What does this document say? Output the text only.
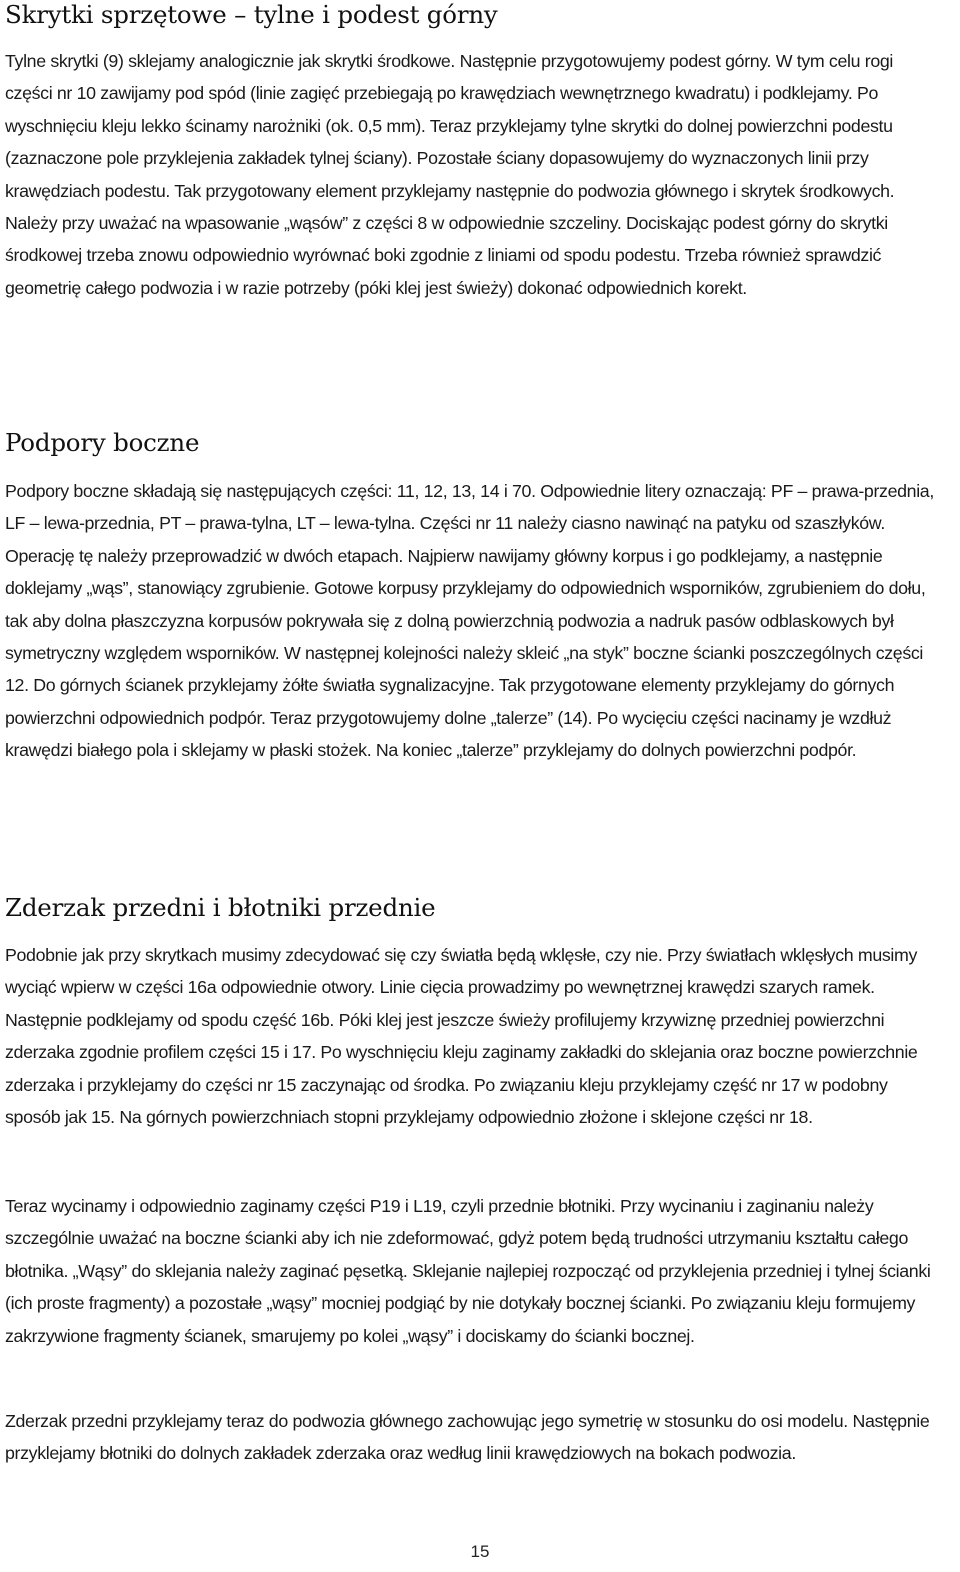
Skrytki sprzętowe – tylne i podest górny

Tylne skrytki (9) sklejamy analogicznie jak skrytki środkowe. Następnie przygotowujemy podest górny. W tym celu rogi części nr 10 zawijamy pod spód (linie zagięć przebiegają po krawędziach wewnętrznego kwadratu) i podklejamy. Po wyschnięciu kleju lekko ścinamy narożniki (ok. 0,5 mm). Teraz przyklejamy tylne skrytki do dolnej powierzchni podestu (zaznaczone pole przyklejenia zakładek tylnej ściany). Pozostałe ściany dopasowujemy do wyznaczonych linii przy krawędziach podestu. Tak przygotowany element przyklejamy następnie do podwozia głównego i skrytek środkowych. Należy przy uważać na wpasowanie „wąsów” z części 8 w odpowiednie szczeliny. Dociskając podest górny do skrytki środkowej trzeba znowu odpowiednio wyrównać boki zgodnie z liniami od spodu podestu. Trzeba również sprawdzić geometrię całego podwozia i w razie potrzeby (póki klej jest świeży) dokonać odpowiednich korekt.

Podpory boczne

Podpory boczne składają się następujących części: 11, 12, 13, 14 i 70. Odpowiednie litery oznaczają: PF – prawa-przednia, LF – lewa-przednia, PT – prawa-tylna, LT – lewa-tylna. Części nr 11 należy ciasno nawinąć na patyku od szaszłyków. Operację tę należy przeprowadzić w dwóch etapach. Najpierw nawijamy główny korpus i go podklejamy, a następnie doklejamy „wąs”, stanowiący zgrubienie. Gotowe korpusy przyklejamy do odpowiednich wsporników, zgrubieniem do dołu, tak aby dolna płaszczyzna korpusów pokrywała się z dolną powierzchnią podwozia a nadruk pasów odblaskowych był symetryczny względem wsporników. W następnej kolejności należy skleić „na styk” boczne ścianki poszczególnych części 12. Do górnych ścianek przyklejamy żółte światła sygnalizacyjne. Tak przygotowane elementy przyklejamy do górnych powierzchni odpowiednich podpór. Teraz przygotowujemy dolne „talerze” (14). Po wycięciu części nacinamy je wzdłuż krawędzi białego pola i sklejamy w płaski stożek. Na koniec „talerze” przyklejamy do dolnych powierzchni podpór.

Zderzak przedni i błotniki przednie

Podobnie jak przy skrytkach musimy zdecydować się czy światła będą wklęsłe, czy nie. Przy światłach wklęsłych musimy wyciąć wpierw w części 16a odpowiednie otwory. Linie cięcia prowadzimy po wewnętrznej krawędzi szarych ramek. Następnie podklejamy od spodu część 16b. Póki klej jest jeszcze świeży profilujemy krzywiznę przedniej powierzchni zderzaka zgodnie profilem części 15 i 17. Po wyschnięciu kleju zaginamy zakładki do sklejania oraz boczne powierzchnie zderzaka i przyklejamy do części nr 15 zaczynając od środka. Po związaniu kleju przyklejamy część nr 17 w podobny sposób jak 15. Na górnych powierzchniach stopni przyklejamy odpowiednio złożone i sklejone części nr 18.

Teraz wycinamy i odpowiednio zaginamy części P19 i L19, czyli przednie błotniki. Przy wycinaniu i zaginaniu należy szczególnie uważać na boczne ścianki aby ich nie zdeformować, gdyż potem będą trudności utrzymaniu kształtu całego błotnika. „Wąsy” do sklejania należy zaginać pęsetką. Sklejanie najlepiej rozpocząć od przyklejenia przedniej i tylnej ścianki (ich proste fragmenty) a pozostałe „wąsy” mocniej podgiąć by nie dotykały bocznej ścianki. Po związaniu kleju formujemy zakrzywione fragmenty ścianek, smarujemy po kolei „wąsy” i dociskamy do ścianki bocznej.

Zderzak przedni przyklejamy teraz do podwozia głównego zachowując jego symetrię w stosunku do osi modelu. Następnie przyklejamy błotniki do dolnych zakładek zderzaka oraz według linii krawędziowych na bokach podwozia.

15
